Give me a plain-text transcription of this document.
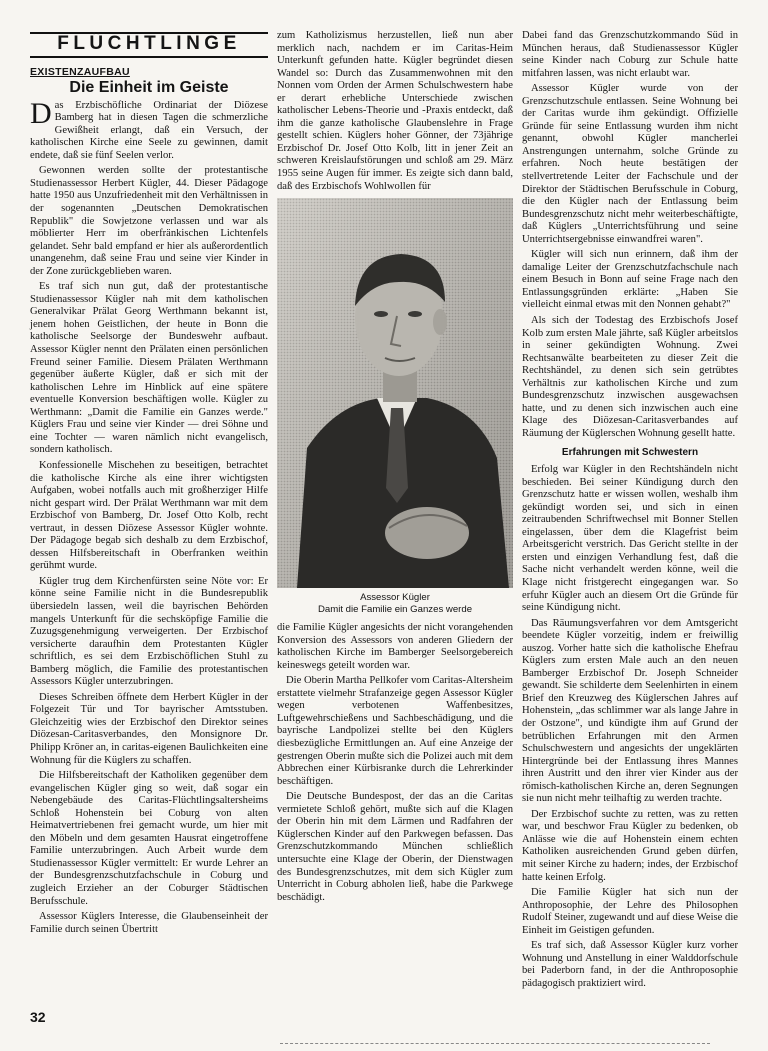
FLÜCHTLINGE
EXISTENZAUFBAU
Die Einheit im Geiste

Das Erzbischöfliche Ordinariat der Diözese Bamberg hat in diesen Tagen die schmerzliche Gewißheit erlangt, daß ein Versuch, der katholischen Kirche eine Seele zu gewinnen, damit endete, daß sie fünf Seelen verlor.

Gewonnen werden sollte der protestantische Studienassessor Herbert Kügler, 44. Dieser Pädagoge hatte 1950 aus Unzufriedenheit mit den Verhältnissen in der sogenannten „Deutschen Demokratischen Republik" die Sowjetzone verlassen und war als möblierter Herr im oberfränkischen Lichtenfels gelandet. Sehr bald empfand er hier als außerordentlich unangenehm, daß seine Frau und seine vier Kinder in der Zone zurückgeblieben waren.

Es traf sich nun gut, daß der protestantische Studienassessor Kügler nah mit dem katholischen Generalvikar Prälat Georg Werthmann bekannt ist, jenem hohen Geistlichen, der heute in Bonn die katholische Seelsorge der Bundeswehr aufbaut. Assessor Kügler nennt den Prälaten einen persönlichen Freund seiner Familie. Diesem Prälaten Werthmann gegenüber äußerte Kügler, daß er sich mit der katholischen Lehre im Hinblick auf eine spätere eventuelle Konversion beschäftigen wolle. Kügler zu Werthmann: „Damit die Familie ein Ganzes werde." Küglers Frau und seine vier Kinder — drei Söhne und eine Tochter — waren nämlich nicht evangelisch, sondern katholisch.

Konfessionelle Mischehen zu beseitigen, betrachtet die katholische Kirche als eine ihrer wichtigsten Aufgaben, wobei notfalls auch mit großherziger Hilfe nicht gespart wird. Der Prälat Werthmann war mit dem Erzbischof von Bamberg, Dr. Josef Otto Kolb, recht vertraut, in dessen Diözese Assessor Kügler wohnte. Der Pädagoge begab sich deshalb zu dem Erzbischof, dessen Hilfsbereitschaft in Oberfranken weithin gerühmt wurde.

Kügler trug dem Kirchenfürsten seine Nöte vor: Er könne seine Familie nicht in die Bundesrepublik übersiedeln lassen, weil die bayrischen Behörden mangels Unterkunft für die sechsköpfige Familie die Zuzugsgenehmigung verweigerten. Der Erzbischof versicherte daraufhin dem Protestanten Kügler schriftlich, es sei dem Erzbischöflichen Stuhl zu Bamberg möglich, die Familie des protestantischen Assessors Kügler unterzubringen.

Dieses Schreiben öffnete dem Herbert Kügler in der Folgezeit Tür und Tor bayrischer Amtsstuben. Gleichzeitig wies der Erzbischof den Direktor seines Diözesan-Caritasverbandes, den Monsignore Dr. Philipp Kröner an, in caritas-eigenen Baulichkeiten eine Wohnung für die Küglers zu schaffen.

Die Hilfsbereitschaft der Katholiken gegenüber dem evangelischen Kügler ging so weit, daß sogar ein Nebengebäude des Caritas-Flüchtlingsaltersheims Schloß Hohenstein bei Coburg von alten Heimatvertriebenen frei gemacht wurde, um hier mit den Möbeln und dem gesamten Hausrat eingetroffene Familie unterzubringen. Auch Arbeit wurde dem Studienassessor Kügler vermittelt: Er wurde Lehrer an der Bundesgrenzschutzfachschule in Coburg und zugleich Erzieher an der Coburger Städtischen Berufsschule.

Assessor Küglers Interesse, die Glaubenseinheit der Familie durch seinen Übertritt

zum Katholizismus herzustellen, ließ nun aber merklich nach, nachdem er im Caritas-Heim Unterkunft gefunden hatte. Kügler begründet diesen Wandel so: Durch das Zusammenwohnen mit den Nonnen vom Orden der Armen Schulschwestern habe er derart erhebliche Unterschiede zwischen katholischer Lebens-Theorie und -Praxis entdeckt, daß ihm die ganze katholische Glaubenslehre in Frage gestellt schien. Küglers hoher Gönner, der 73jährige Erzbischof Dr. Josef Otto Kolb, litt in jener Zeit an schweren Kreislaufstörungen und schloß am 29. März 1955 seine Augen für immer. Es zeigte sich dann bald, daß des Erzbischofs Wohlwollen für

Assessor Kügler
Damit die Familie ein Ganzes werde

die Familie Kügler angesichts der nicht vorangehenden Konversion des Assessors von anderen Gliedern der katholischen Kirche im Bamberger Seelsorgebereich keineswegs geteilt worden war.

Die Oberin Martha Pellkofer vom Caritas-Altersheim erstattete vielmehr Strafanzeige gegen Assessor Kügler wegen verbotenen Waffenbesitzes, Luftgewehrschießens und Sachbeschädigung, und die bayrische Landpolizei stellte bei den Küglers diesbezügliche Ermittlungen an. Auf eine Anzeige der gestrengen Oberin mußte sich die Polizei auch mit dem Abbrechen einer Kürbisranke durch die Lehrerkinder beschäftigen.

Die Deutsche Bundespost, der das an die Caritas vermietete Schloß gehört, mußte sich auf die Klagen der Oberin hin mit dem Lärmen und Radfahren der Küglerschen Kinder auf den Parkwegen befassen. Das Grenzschutzkommando München schließlich untersuchte eine Klage der Oberin, der Dienstwagen des Bundesgrenzschutzes, mit dem sich Kügler zum Unterricht in Coburg abholen ließ, habe die Parkwege beschädigt.

Dabei fand das Grenzschutzkommando Süd in München heraus, daß Studienassessor Kügler seine Kinder nach Coburg zur Schule hatte mitfahren lassen, was nicht erlaubt war.

Assessor Kügler wurde von der Grenzschutzschule entlassen. Seine Wohnung bei der Caritas wurde ihm gekündigt. Offizielle Gründe für seine Entlassung wurden ihm nicht genannt, obwohl Kügler mancherlei Anstrengungen unternahm, solche Gründe zu erfahren. Noch heute bestätigen der stellvertretende Leiter der Fachschule und der Direktor der Städtischen Berufsschule in Coburg, die den Kügler nach der Entlassung beim Bundesgrenzschutz nicht mehr weiterbeschäftigte, daß Küglers „Unterrichtsführung und seine Unterrichtsergebnisse einwandfrei waren".

Kügler will sich nun erinnern, daß ihm der damalige Leiter der Grenzschutzfachschule nach einem Besuch in Bonn auf seine Frage nach den Entlassungsgründen erklärte: „Haben Sie vielleicht einmal etwas mit den Nonnen gehabt?"

Als sich der Todestag des Erzbischofs Josef Kolb zum ersten Male jährte, saß Kügler arbeitslos in seiner gekündigten Wohnung. Zwei Rechtsanwälte bearbeiteten zu dieser Zeit die Rechtshändel, zu denen sich sein getrübtes Verhältnis zur katholischen Kirche und zum Bundesgrenzschutz inzwischen ausgewachsen hatte, und zu denen sich inzwischen auch eine Klage des Diözesan-Caritasverbandes auf Räumung der Küglerschen Wohnung gesellt hatte.

Erfahrungen mit Schwestern

Erfolg war Kügler in den Rechtshändeln nicht beschieden. Bei seiner Kündigung durch den Grenzschutz hatte er wissen wollen, weshalb ihm gekündigt worden sei, und sich in einen zeitraubenden Schriftwechsel mit Bonner Stellen eingelassen, über dem die Klagefrist beim Arbeitsgericht verstrich. Das Gericht stellte in der ersten und einzigen Verhandlung fest, daß die Sache nicht verhandelt werden könne, weil die Klage nicht fristgerecht eingegangen war. So erfuhr Kügler auch an diesem Ort die Gründe für seine Kündigung nicht.

Das Räumungsverfahren vor dem Amtsgericht beendete Kügler vorzeitig, indem er freiwillig auszog. Vorher hatte sich die katholische Ehefrau Küglers zum ersten Male auch an den neuen Bamberger Erzbischof Dr. Joseph Schneider gewandt. Sie schilderte dem Seelenhirten in einem Brief den Kreuzweg des Küglerschen Jahres auf Hohenstein, „das schlimmer war als lange Jahre in der Ostzone", und kündigte ihm auf Grund der betrüblichen Erfahrungen mit den Armen Schulschwestern und angesichts der ungeklärten Hintergründe bei der Entlassung ihres Mannes ihren Austritt und den ihrer vier Kinder aus der römisch-katholischen Kirche an, deren Segnungen sie nun nicht mehr teilhaftig zu werden trachte.

Der Erzbischof suchte zu retten, was zu retten war, und beschwor Frau Kügler zu bedenken, ob Anlässe wie die auf Hohenstein einem echten Katholiken ausreichenden Grund geben dürfen, mit seiner Kirche zu hadern; indes, der Erzbischof hatte keinen Erfolg.

Die Familie Kügler hat sich nun der Anthroposophie, der Lehre des Philosophen Rudolf Steiner, zugewandt und auf diese Weise die Einheit im Geistigen gefunden.

Es traf sich, daß Assessor Kügler kurz vorher Wohnung und Anstellung in einer Walddorfschule bei Paderborn fand, in der die Anthroposophie pädagogisch praktiziert wird.

32
